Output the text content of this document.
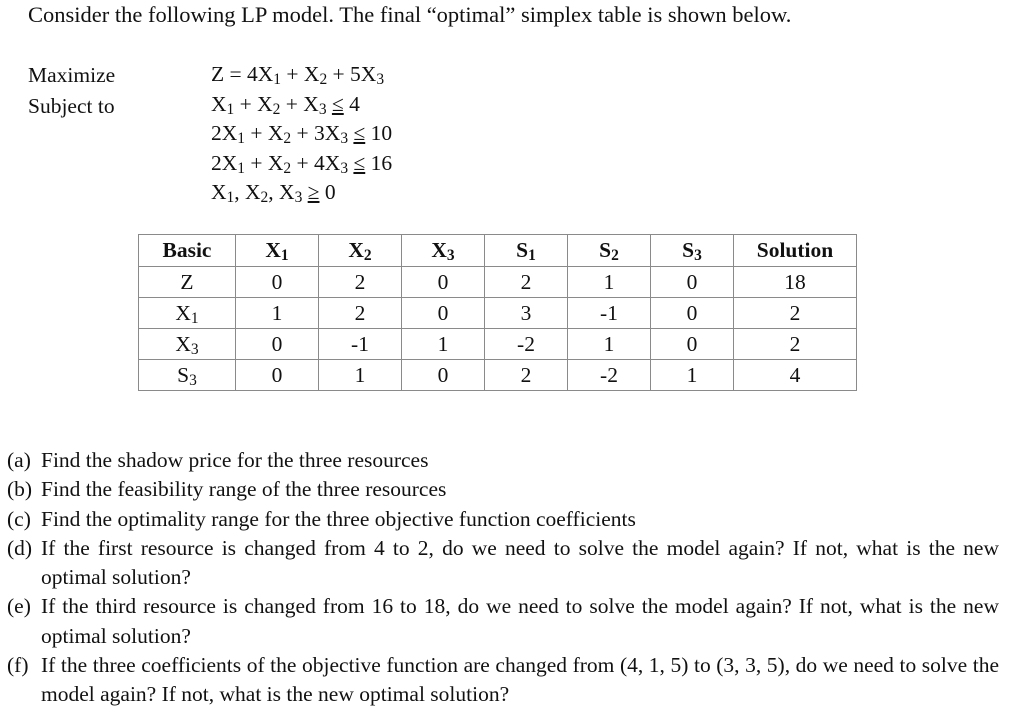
Consider the following LP model. The final “optimal” simplex table is shown below.
Maximize
Subject to
$Z = 4X_1 + X_2 + 5X_3$
$X_1 + X_2 + X_3 \le 4$
$2X_1 + X_2 + 3X_3 \le 10$
$2X_1 + X_2 + 4X_3 \le 16$
$X_1$, $X_2$, $X_3 \ge 0$
Basic	$X_1$	$X_2$	$X_3$	$S_1$	$S_2$	$S_3$	Solution
Z	0	2	0	2	1	0	18
$X_1$	1	2	0	3	-1	0	2
$X_3$	0	-1	1	-2	1	0	2
$S_3$	0	1	0	2	-2	1	4
(a) Find the shadow price for the three resources
(b) Find the feasibility range of the three resources
(c) Find the optimality range for the three objective function coefficients
(d) If the first resource is changed from 4 to 2, do we need to solve the model again? If not, what is the new optimal solution?
(e) If the third resource is changed from 16 to 18, do we need to solve the model again? If not, what is the new optimal solution?
(f) If the three coefficients of the objective function are changed from (4, 1, 5) to (3, 3, 5), do we need to solve the model again? If not, what is the new optimal solution?
